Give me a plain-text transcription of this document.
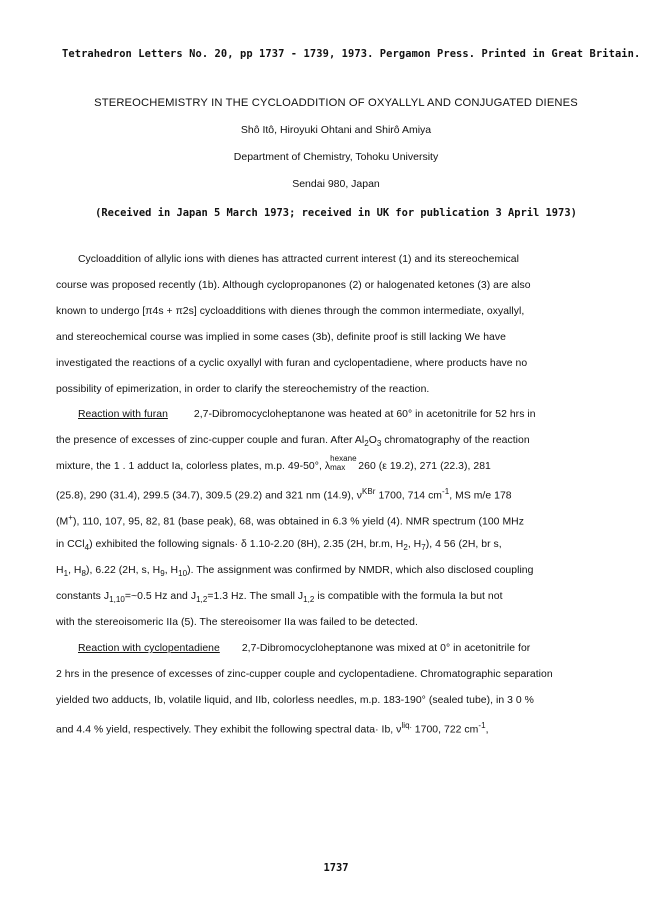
Tetrahedron Letters No. 20, pp 1737 - 1739, 1973. Pergamon Press. Printed in Great Britain.
STEREOCHEMISTRY IN THE CYCLOADDITION OF OXYALLYL AND CONJUGATED DIENES
Shô Itô, Hiroyuki Ohtani and Shirô Amiya
Department of Chemistry, Tohoku University
Sendai 980, Japan
(Received in Japan 5 March 1973; received in UK for publication 3 April 1973)
Cycloaddition of allylic ions with dienes has attracted current interest (1) and its stereochemical
course was proposed recently (1b). Although cyclopropanones (2) or halogenated ketones (3) are also
known to undergo [π4s + π2s] cycloadditions with dienes through the common intermediate, oxyallyl,
and stereochemical course was implied in some cases (3b), definite proof is still lacking We have
investigated the reactions of a cyclic oxyallyl with furan and cyclopentadiene, where products have no
possibility of epimerization, in order to clarify the stereochemistry of the reaction.
Reaction with furan	2,7-Dibromocycloheptanone was heated at 60° in acetonitrile for 52 hrs in
the presence of excesses of zinc-cupper couple and furan. After $Al_2O_3$ chromatography of the reaction
mixture, the 1 . 1 adduct Ia, colorless plates, m.p. 49-50°, λ
hexane
max 260 (ε 19.2), 271 (22.3), 281
(25.8), 290 (31.4), 299.5 (34.7), 309.5 (29.2) and 321 nm (14.9), $\nu^{KBr}$ 1700, 714 $cm^{-1}$, MS m/e 178
(M+), 110, 107, 95, 82, 81 (base peak), 68, was obtained in 6.3 % yield (4). NMR spectrum (100 MHz
in CCl$_4$) exhibited the following signals· δ 1.10-2.20 (8H), 2.35 (2H, br.m, $H_2$, $H_7$), 4 56 (2H, br s,
$H_1$, $H_8$), 6.22 (2H, s, $H_9$, $H_{10}$). The assignment was confirmed by NMDR, which also disclosed coupling
constants $J_{1,10}=\sim 0.5$ Hz and $J_{1,2}=1.3$ Hz. The small $J_{1,2}$ is compatible with the formula Ia but not
with the stereoisomeric IIa (5). The stereoisomer IIa was failed to be detected.
Reaction with cyclopentadiene 2,7-Dibromocycloheptanone was mixed at 0° in acetonitrile for
2 hrs in the presence of excesses of zinc-cupper couple and cyclopentadiene. Chromatographic separation
yielded two adducts, Ib, volatile liquid, and IIb, colorless needles, m.p. 183-190° (sealed tube), in 3 0 %
and 4.4 % yield, respectively. They exhibit the following spectral data· Ib, $\nu^{liq.}$ 1700, 722 $cm^{-1}$,
1737
